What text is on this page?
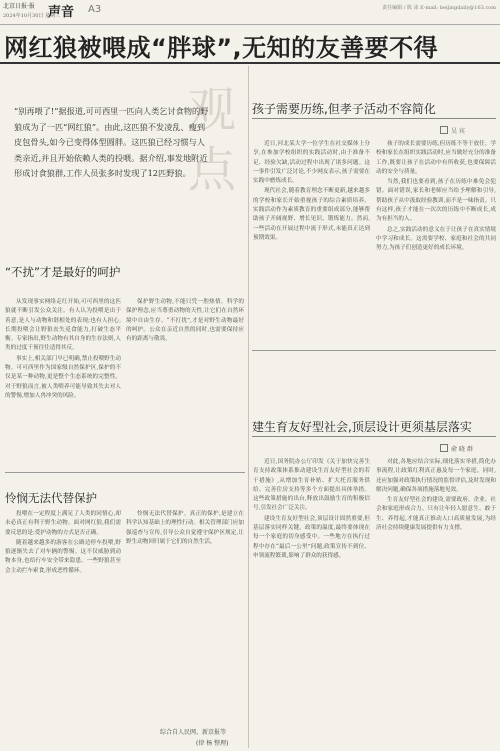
北京日报·报
2024年10月30日 星期三
声音 A3	责任编辑 / 陈 冰 E-mail: beijingdaily@163.com
网红狼被喂成“胖球”,无知的友善要不得
观
点
“别再喂了!”据报道,可可西里一匹向人类乞讨食物的野狼成为了一匹“网红狼”。由此,这匹狼不发凌乱、瘦到皮包骨头,如今已变得体型圆胖。这匹狼已经习惯与人类亲近,并且开始依赖人类的投喂。据介绍,事发地附近形成讨食狼群,工作人员张多时发现了12匹野狼。
“不扰”才是最好的呵护

从发现事实网络走红开始,可可西里的这匹狼就不断引发公众关注。有人认为投喂是出于善意,是人与动物和谐相处的表现;也有人担心,长期投喂会让野狼丧失觅食能力,打破生态平衡。专家指出,野生动物有其自身的生存法则,人类的过度干预往往适得其反。

事实上,相关部门早已明确,禁止投喂野生动物。可可西里作为国家级自然保护区,保护的不仅是某一种动物,更是整个生态系统的完整性。对于野狼而言,被人类喂养可能导致其失去对人的警惕,增加人兽冲突的风险。

保护野生动物,不能只凭一腔热情。科学的保护理念,应当尊重动物的天性,让它们在自然环境中自由生存。“不打扰”,才是对野生动物最好的呵护。公众在亲近自然的同时,也需要保持应有的距离与敬畏。

怜悯无法代替保护

投喂在一定程度上满足了人类的同情心,却未必真正有利于野生动物。面对网红狼,我们需要反思的是:爱护动物的方式是否正确。

随着越来越多的游客在公路边停车投喂,野狼逐渐失去了对车辆的警惕。这不仅威胁到动物本身,也给行车安全带来隐患。一些野狼甚至会主动拦车索食,形成恶性循环。

怜悯无法代替保护。真正的保护,是建立在科学认知基础上的理性行动。相关管理部门应加强巡查与宣传,引导公众自觉遵守保护区规定,让野生动物回归属于它们的自然生活。

综合自人民网、新京报等
(律 杨 整理)
孩子需要历练,但孝子活动不容简化
吴 宾

近日,河北某大学一位学生在社交媒体上分享,在参加学校组织的实践活动时,由于准备不足、经验欠缺,活动过程中出现了诸多问题。这一事件引发广泛讨论,不少网友表示,孩子需要在实践中磨炼成长。

现代社会,随着教育理念不断更新,越来越多的学校和家长开始重视孩子的综合素质培养。实践活动作为素质教育的重要组成部分,能够帮助孩子开阔视野、增长见识、锻炼能力。然而,一些活动在开展过程中流于形式,未能真正达到预期效果。

孩子的成长需要历练,但历练不等于放任。学校和家长在组织实践活动时,应当做好充分的准备工作,既要让孩子在活动中有所收获,也要保障活动的安全与质量。

当然,我们也要看到,孩子在历练中难免会犯错。面对错误,家长和老师应当给予理解和引导,帮助孩子从中汲取经验教训,而不是一味指责。只有这样,孩子才能在一次次的历练中不断成长,成为有担当的人。

总之,实践活动的意义在于让孩子在真实情境中学习和成长。这需要学校、家庭和社会的共同努力,为孩子们创造更好的成长环境。

建生育友好型社会,顶层设计更须基层落实
俞 晓 群

近日,国务院办公厅印发《关于加快完善生育支持政策体系推动建设生育友好型社会的若干措施》,从增加生育补贴、扩大托育服务供给、完善住房支持等多个方面提出具体举措。这些政策措施的出台,释放出鼓励生育的积极信号,引发社会广泛关注。

建设生育友好型社会,顶层设计固然重要,但基层落实同样关键。政策的温度,最终要体现在每一个家庭的切身感受中。一些地方在执行过程中存在“最后一公里”问题,政策宣传不到位、申领流程繁琐,影响了群众的获得感。

对此,各地应结合实际,细化落实举措,简化办事流程,让政策红利真正惠及每一个家庭。同时,还应加强对政策执行情况的监督评估,及时发现和解决问题,确保各项措施落地见效。

生育友好型社会的建设,需要政府、企业、社会和家庭形成合力。只有让年轻人愿意生、敢于生、养得起,才能真正推动人口高质量发展,为经济社会持续健康发展提供有力支撑。
